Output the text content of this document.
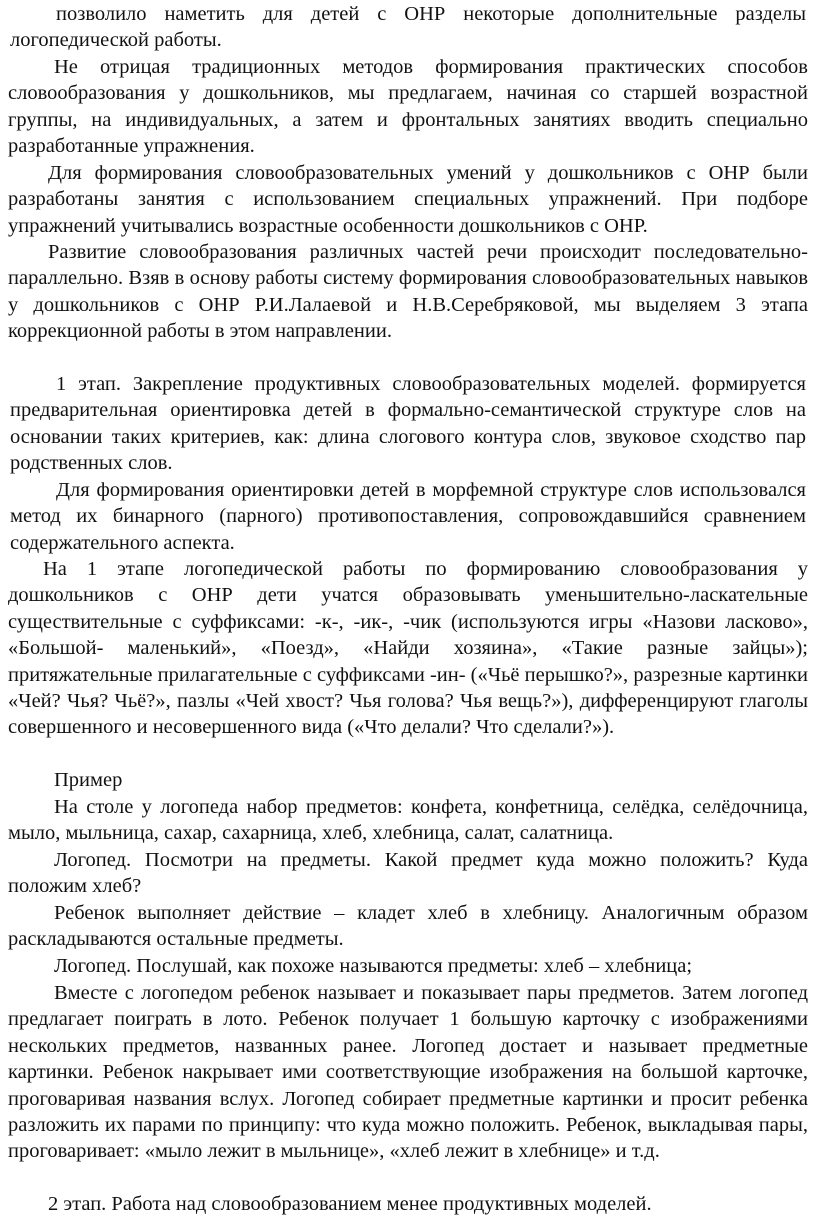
позволило наметить для детей с ОНР некоторые дополнительные разделы логопедической работы.

Не отрицая традиционных методов формирования практических способов словообразования у дошкольников, мы предлагаем, начиная со старшей возрастной группы, на индивидуальных, а затем и фронтальных занятиях вводить специально разработанные упражнения.

Для формирования словообразовательных умений у дошкольников с ОНР были разработаны занятия с использованием специальных упражнений. При подборе упражнений учитывались возрастные особенности дошкольников с ОНР.

Развитие словообразования различных частей речи происходит последовательно-параллельно. Взяв в основу работы систему формирования словообразовательных навыков у дошкольников с ОНР Р.И.Лалаевой и Н.В.Серебряковой, мы выделяем 3 этапа коррекционной работы в этом направлении.

1 этап. Закрепление продуктивных словообразовательных моделей. формируется предварительная ориентировка детей в формально-семантической структуре слов на основании таких критериев, как: длина слогового контура слов, звуковое сходство пар родственных слов.

Для формирования ориентировки детей в морфемной структуре слов использовался метод их бинарного (парного) противопоставления, сопровождавшийся сравнением содержательного аспекта.

На 1 этапе логопедической работы по формированию словообразования у дошкольников с ОНР дети учатся образовывать уменьшительно-ласкательные существительные с суффиксами: -к-, -ик-, -чик (используются игры «Назови ласково», «Большой- маленький», «Поезд», «Найди хозяина», «Такие разные зайцы»); притяжательные прилагательные с суффиксами -ин- («Чьё перышко?», разрезные картинки «Чей? Чья? Чьё?», пазлы «Чей хвост? Чья голова? Чья вещь?»), дифференцируют глаголы совершенного и несовершенного вида («Что делали? Что сделали?»).

Пример

На столе у логопеда набор предметов: конфета, конфетница, селёдка, селёдочница, мыло, мыльница, сахар, сахарница, хлеб, хлебница, салат, салатница.

Логопед. Посмотри на предметы. Какой предмет куда можно положить? Куда положим хлеб?

Ребенок выполняет действие – кладет хлеб в хлебницу. Аналогичным образом раскладываются остальные предметы.

Логопед. Послушай, как похоже называются предметы: хлеб – хлебница;

Вместе с логопедом ребенок называет и показывает пары предметов. Затем логопед предлагает поиграть в лото. Ребенок получает 1 большую карточку с изображениями нескольких предметов, названных ранее. Логопед достает и называет предметные картинки. Ребенок накрывает ими соответствующие изображения на большой карточке, проговаривая названия вслух. Логопед собирает предметные картинки и просит ребенка разложить их парами по принципу: что куда можно положить. Ребенок, выкладывая пары, проговаривает: «мыло лежит в мыльнице», «хлеб лежит в хлебнице» и т.д.

2 этап. Работа над словообразованием менее продуктивных моделей.
